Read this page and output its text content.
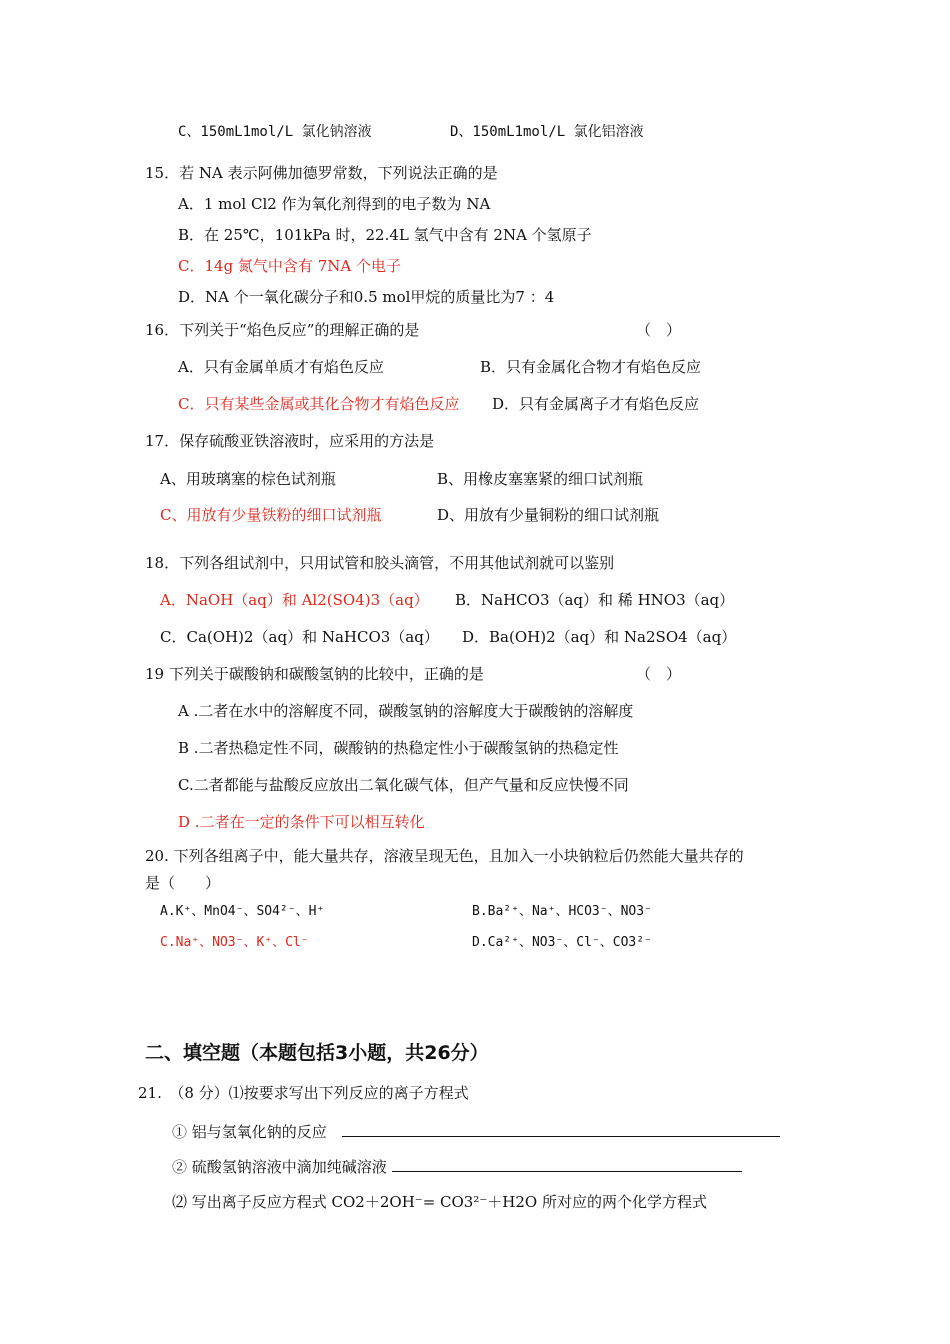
C、150mL1mol/L 氯化钠溶液	D、150mL1mol/L 氯化铝溶液
15．若 NA 表示阿佛加德罗常数，下列说法正确的是
A．1 mol Cl2 作为氧化剂得到的电子数为 NA
B．在 25℃，101kPa 时，22.4L 氢气中含有 2NA 个氢原子
C．14g 氮气中含有 7NA 个电子
D．NA 个一氧化碳分子和0.5 mol甲烷的质量比为7 ：4
16．下列关于“焰色反应”的理解正确的是	（　）
A．只有金属单质才有焰色反应	B．只有金属化合物才有焰色反应
C．只有某些金属或其化合物才有焰色反应 D．只有金属离子才有焰色反应
17．保存硫酸亚铁溶液时，应采用的方法是
A、用玻璃塞的棕色试剂瓶	B、用橡皮塞塞紧的细口试剂瓶
C、用放有少量铁粉的细口试剂瓶	D、用放有少量铜粉的细口试剂瓶
18．下列各组试剂中，只用试管和胶头滴管，不用其他试剂就可以鉴别
A．NaOH（aq）和 Al2(SO4)3（aq） B．NaHCO3（aq）和 稀 HNO3（aq）
C．Ca(OH)2（aq）和 NaHCO3（aq） D．Ba(OH)2（aq）和 Na2SO4（aq）
19 下列关于碳酸钠和碳酸氢钠的比较中，正确的是	（　）
A .二者在水中的溶解度不同，碳酸氢钠的溶解度大于碳酸钠的溶解度
B .二者热稳定性不同，碳酸钠的热稳定性小于碳酸氢钠的热稳定性
C.二者都能与盐酸反应放出二氧化碳气体，但产气量和反应快慢不同
D .二者在一定的条件下可以相互转化
20. 下列各组离子中，能大量共存，溶液呈现无色，且加入一小块钠粒后仍然能大量共存的
是（　　）
A.K⁺、MnO4⁻、SO4²⁻、H⁺	B.Ba²⁺、Na⁺、HCO3⁻、NO3⁻
C.Na⁺、NO3⁻、K⁺、Cl⁻	D.Ca²⁺、NO3⁻、Cl⁻、CO3²⁻
二、填空题（本题包括3小题，共26分）
21.　（8 分）⑴按要求写出下列反应的离子方程式
① 铝与氢氧化钠的反应
② 硫酸氢钠溶液中滴加纯碱溶液
⑵ 写出离子反应方程式 CO2＋2OH⁻= CO3²⁻＋H2O 所对应的两个化学方程式
